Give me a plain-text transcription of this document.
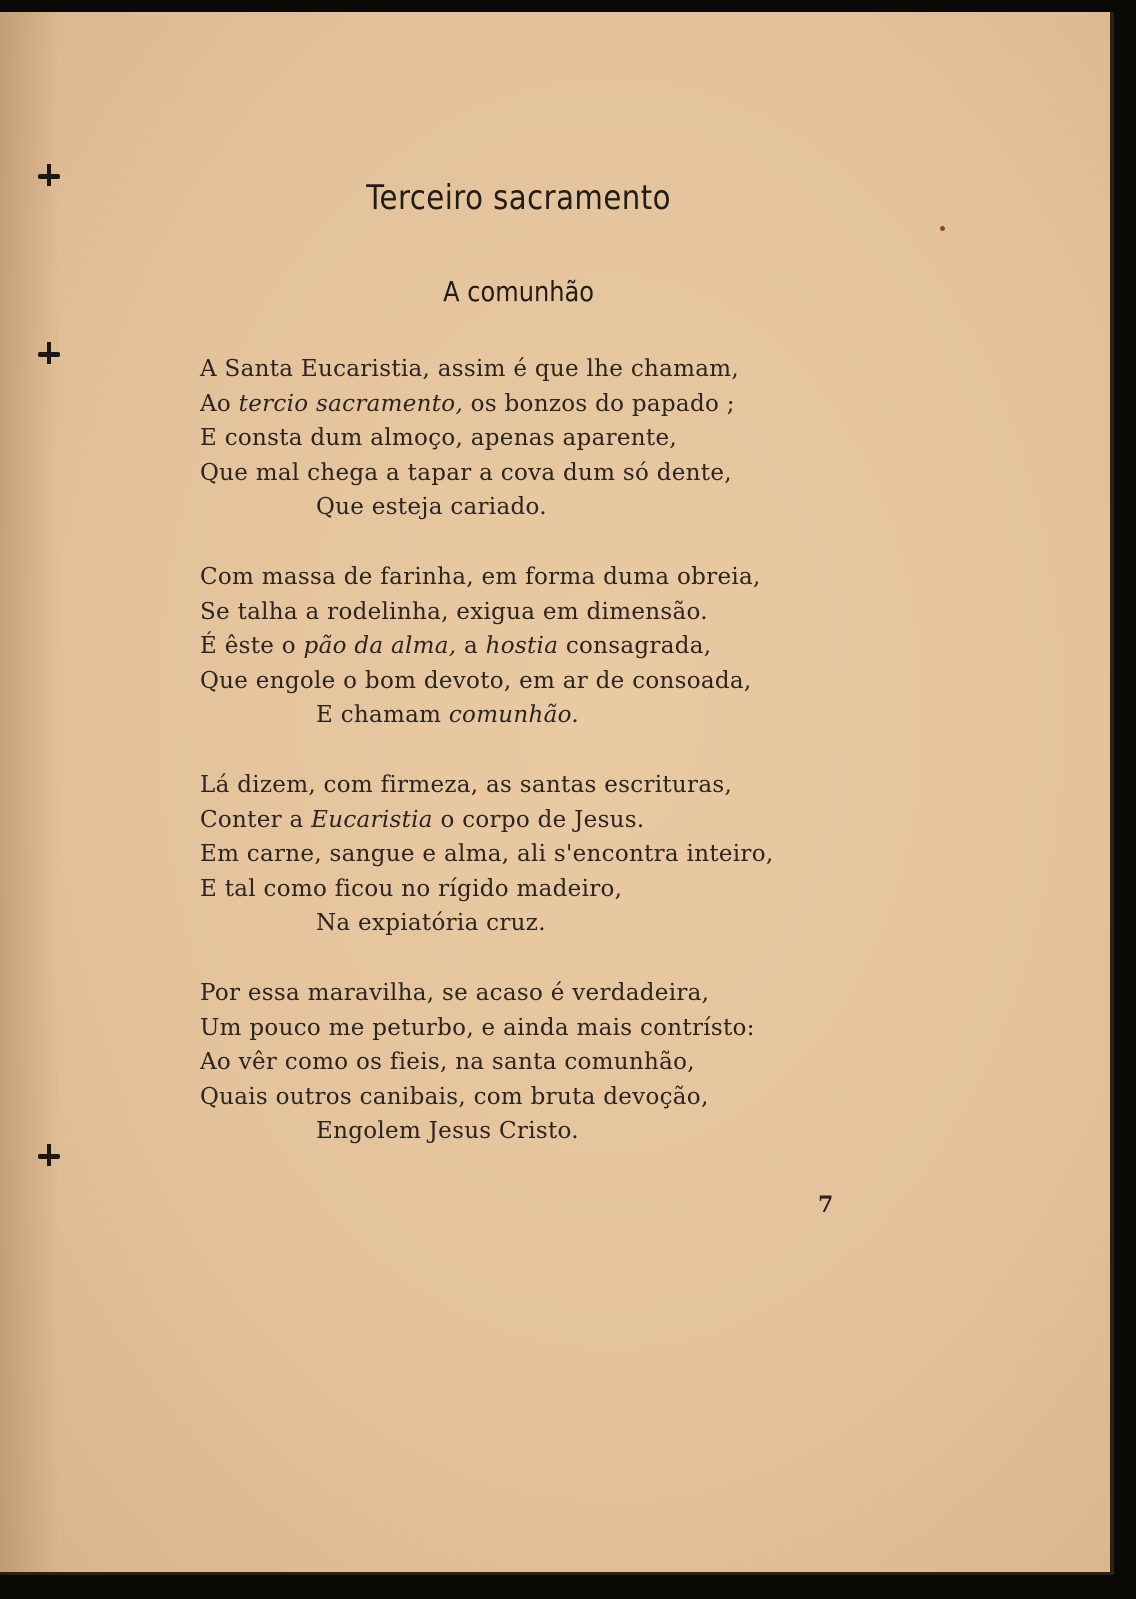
Terceiro sacramento
A comunhão
A Santa Eucaristia, assim é que lhe chamam,
Ao tercio sacramento, os bonzos do papado ;
E consta dum almoço, apenas aparente,
Que mal chega a tapar a cova dum só dente,
Que esteja cariado.
Com massa de farinha, em forma duma obreia,
Se talha a rodelinha, exigua em dimensão.
É êste o pão da alma, a hostia consagrada,
Que engole o bom devoto, em ar de consoada,
E chamam comunhão.
Lá dizem, com firmeza, as santas escrituras,
Conter a Eucaristia o corpo de Jesus.
Em carne, sangue e alma, ali s'encontra inteiro,
E tal como ficou no rígido madeiro,
Na expiatória cruz.
Por essa maravilha, se acaso é verdadeira,
Um pouco me peturbo, e ainda mais contrísto:
Ao vêr como os fieis, na santa comunhão,
Quais outros canibais, com bruta devoção,
Engolem Jesus Cristo.
7
